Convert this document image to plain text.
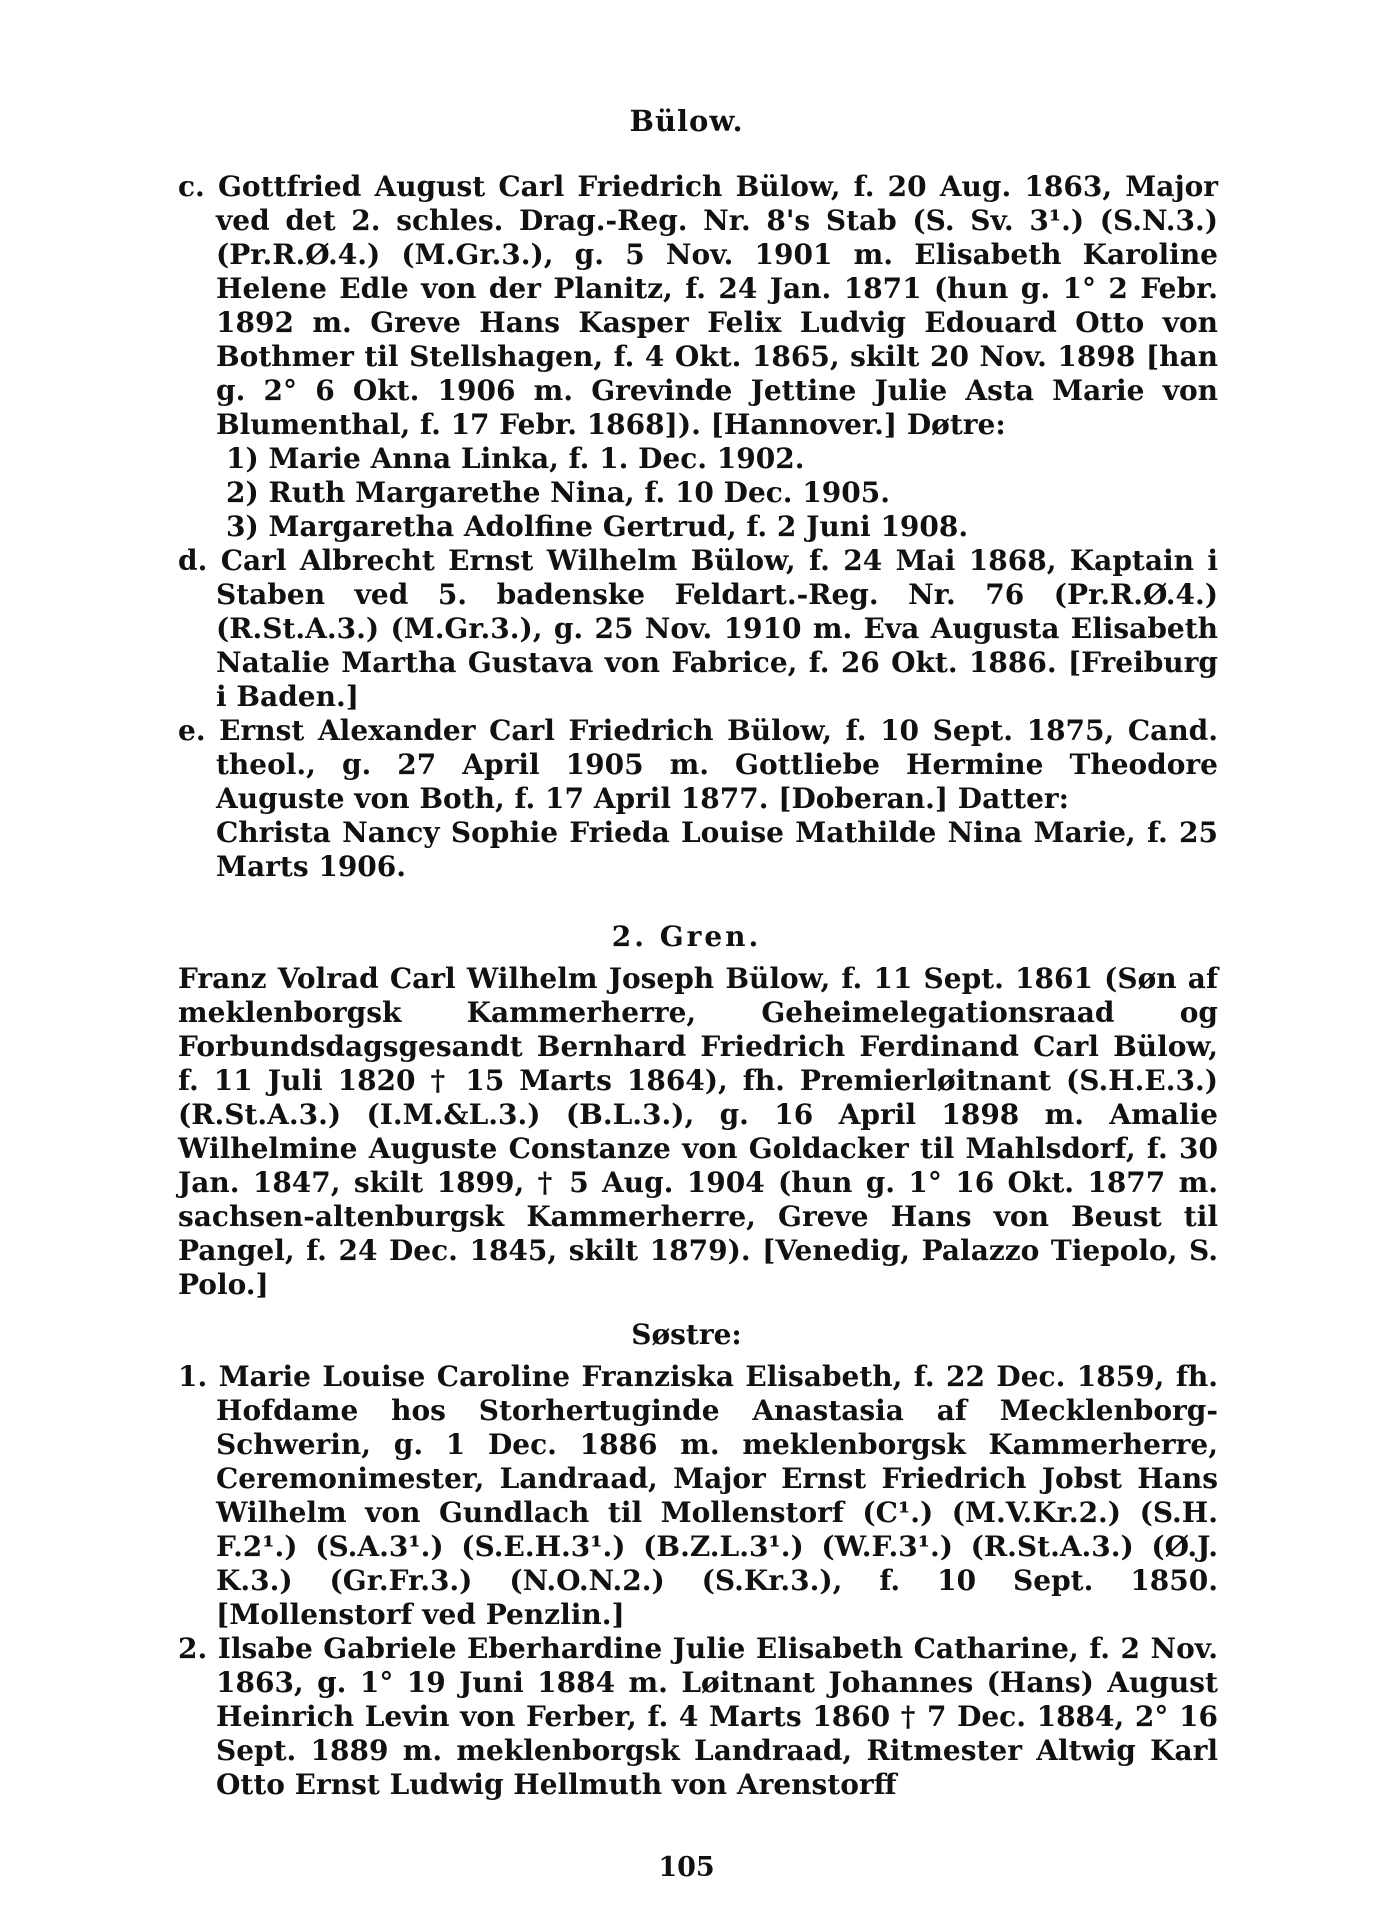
Bülow.

c. Gottfried August Carl Friedrich Bülow, f. 20 Aug. 1863, Major ved det 2. schles. Drag.-Reg. Nr. 8's Stab (S. Sv. 3¹.) (S.N.3.) (Pr.R.Ø.4.) (M.Gr.3.), g. 5 Nov. 1901 m. Elisabeth Karoline Helene Edle von der Planitz, f. 24 Jan. 1871 (hun g. 1° 2 Febr. 1892 m. Greve Hans Kasper Felix Ludvig Edouard Otto von Bothmer til Stellshagen, f. 4 Okt. 1865, skilt 20 Nov. 1898 [han g. 2° 6 Okt. 1906 m. Grevinde Jettine Julie Asta Marie von Blumenthal, f. 17 Febr. 1868]). [Hannover.] Døtre:

1) Marie Anna Linka, f. 1. Dec. 1902.

2) Ruth Margarethe Nina, f. 10 Dec. 1905.

3) Margaretha Adolfine Gertrud, f. 2 Juni 1908.

d. Carl Albrecht Ernst Wilhelm Bülow, f. 24 Mai 1868, Kaptain i Staben ved 5. badenske Feldart.-Reg. Nr. 76 (Pr.R.Ø.4.) (R.St.A.3.) (M.Gr.3.), g. 25 Nov. 1910 m. Eva Augusta Elisabeth Natalie Martha Gustava von Fabrice, f. 26 Okt. 1886. [Freiburg i Baden.]

e. Ernst Alexander Carl Friedrich Bülow, f. 10 Sept. 1875, Cand. theol., g. 27 April 1905 m. Gottliebe Hermine Theodore Auguste von Both, f. 17 April 1877. [Doberan.] Datter:

Christa Nancy Sophie Frieda Louise Mathilde Nina Marie, f. 25 Marts 1906.

2. Gren.

Franz Volrad Carl Wilhelm Joseph Bülow, f. 11 Sept. 1861 (Søn af meklenborgsk Kammerherre, Geheimelegationsraad og Forbundsdagsgesandt Bernhard Friedrich Ferdinand Carl Bülow, f. 11 Juli 1820 † 15 Marts 1864), fh. Premierløitnant (S.H.E.3.) (R.St.A.3.) (I.M.&L.3.) (B.L.3.), g. 16 April 1898 m. Amalie Wilhelmine Auguste Constanze von Goldacker til Mahlsdorf, f. 30 Jan. 1847, skilt 1899, † 5 Aug. 1904 (hun g. 1° 16 Okt. 1877 m. sachsen-altenburgsk Kammerherre, Greve Hans von Beust til Pangel, f. 24 Dec. 1845, skilt 1879). [Venedig, Palazzo Tiepolo, S. Polo.]

Søstre:

1. Marie Louise Caroline Franziska Elisabeth, f. 22 Dec. 1859, fh. Hofdame hos Storhertuginde Anastasia af Mecklenborg-Schwerin, g. 1 Dec. 1886 m. meklenborgsk Kammerherre, Ceremonimester, Landraad, Major Ernst Friedrich Jobst Hans Wilhelm von Gundlach til Mollenstorf (C¹.) (M.V.Kr.2.) (S.H. F.2¹.) (S.A.3¹.) (S.E.H.3¹.) (B.Z.L.3¹.) (W.F.3¹.) (R.St.A.3.) (Ø.J. K.3.) (Gr.Fr.3.) (N.O.N.2.) (S.Kr.3.), f. 10 Sept. 1850. [Mollenstorf ved Penzlin.]

2. Ilsabe Gabriele Eberhardine Julie Elisabeth Catharine, f. 2 Nov. 1863, g. 1° 19 Juni 1884 m. Løitnant Johannes (Hans) August Heinrich Levin von Ferber, f. 4 Marts 1860 † 7 Dec. 1884, 2° 16 Sept. 1889 m. meklenborgsk Landraad, Ritmester Altwig Karl Otto Ernst Ludwig Hellmuth von Arenstorff

105
